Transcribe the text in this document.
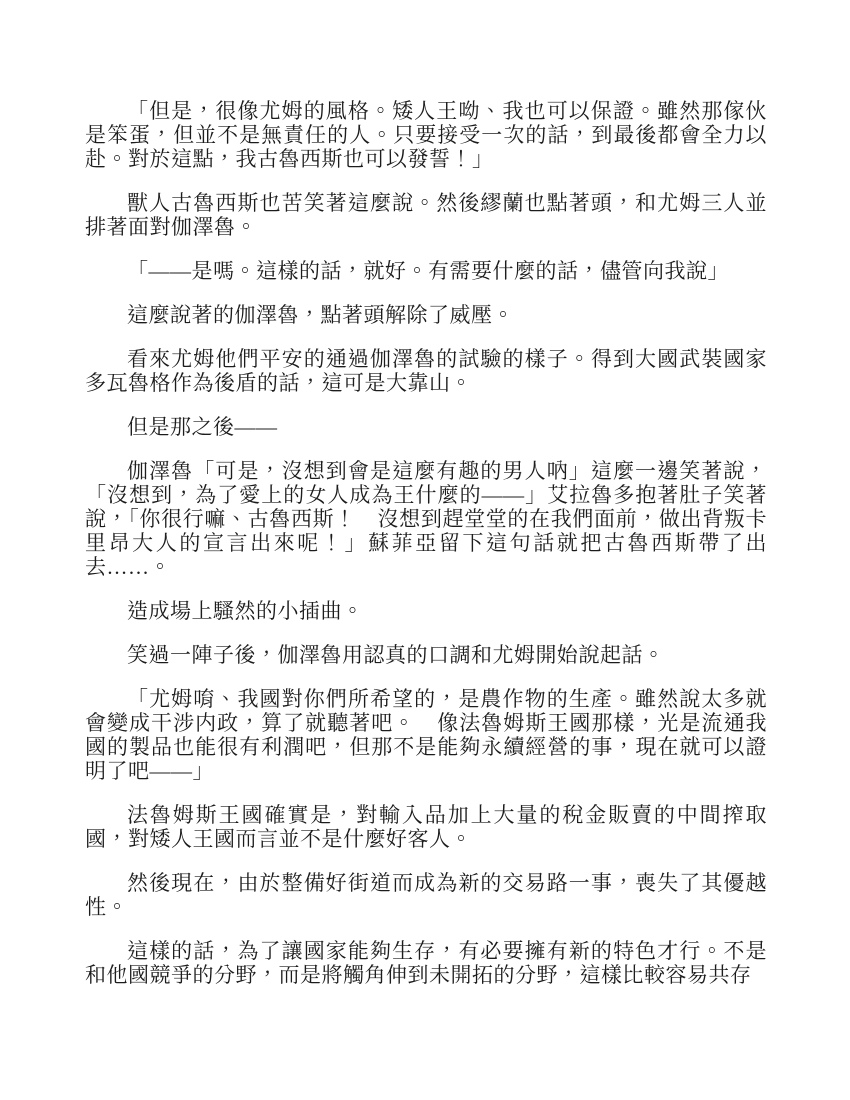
「但是，很像尤姆的風格。矮人王呦、我也可以保證。雖然那傢伙是笨蛋，但並不是無責任的人。只要接受一次的話，到最後都會全力以赴。對於這點，我古魯西斯也可以發誓！」

獸人古魯西斯也苦笑著這麼說。然後繆蘭也點著頭，和尤姆三人並排著面對伽澤魯。

「——是嗎。這樣的話，就好。有需要什麼的話，儘管向我說」

這麼說著的伽澤魯，點著頭解除了威壓。

看來尤姆他們平安的通過伽澤魯的試驗的樣子。得到大國武裝國家多瓦魯格作為後盾的話，這可是大靠山。

但是那之後——

伽澤魯「可是，沒想到會是這麼有趣的男人吶」這麼一邊笑著說，「沒想到，為了愛上的女人成為王什麼的——」艾拉魯多抱著肚子笑著說，「你很行嘛、古魯西斯！　沒想到趕堂堂的在我們面前，做出背叛卡里昂大人的宣言出來呢！」蘇菲亞留下這句話就把古魯西斯帶了出去……。

造成場上騷然的小插曲。

笑過一陣子後，伽澤魯用認真的口調和尤姆開始說起話。

「尤姆唷、我國對你們所希望的，是農作物的生產。雖然說太多就會變成干涉内政，算了就聽著吧。　像法魯姆斯王國那樣，光是流通我國的製品也能很有利潤吧，但那不是能夠永續經營的事，現在就可以證明了吧——」

法魯姆斯王國確實是，對輸入品加上大量的稅金販賣的中間搾取國，對矮人王國而言並不是什麼好客人。

然後現在，由於整備好街道而成為新的交易路一事，喪失了其優越性。

這樣的話，為了讓國家能夠生存，有必要擁有新的特色才行。不是和他國競爭的分野，而是將觸角伸到未開拓的分野，這樣比較容易共存
